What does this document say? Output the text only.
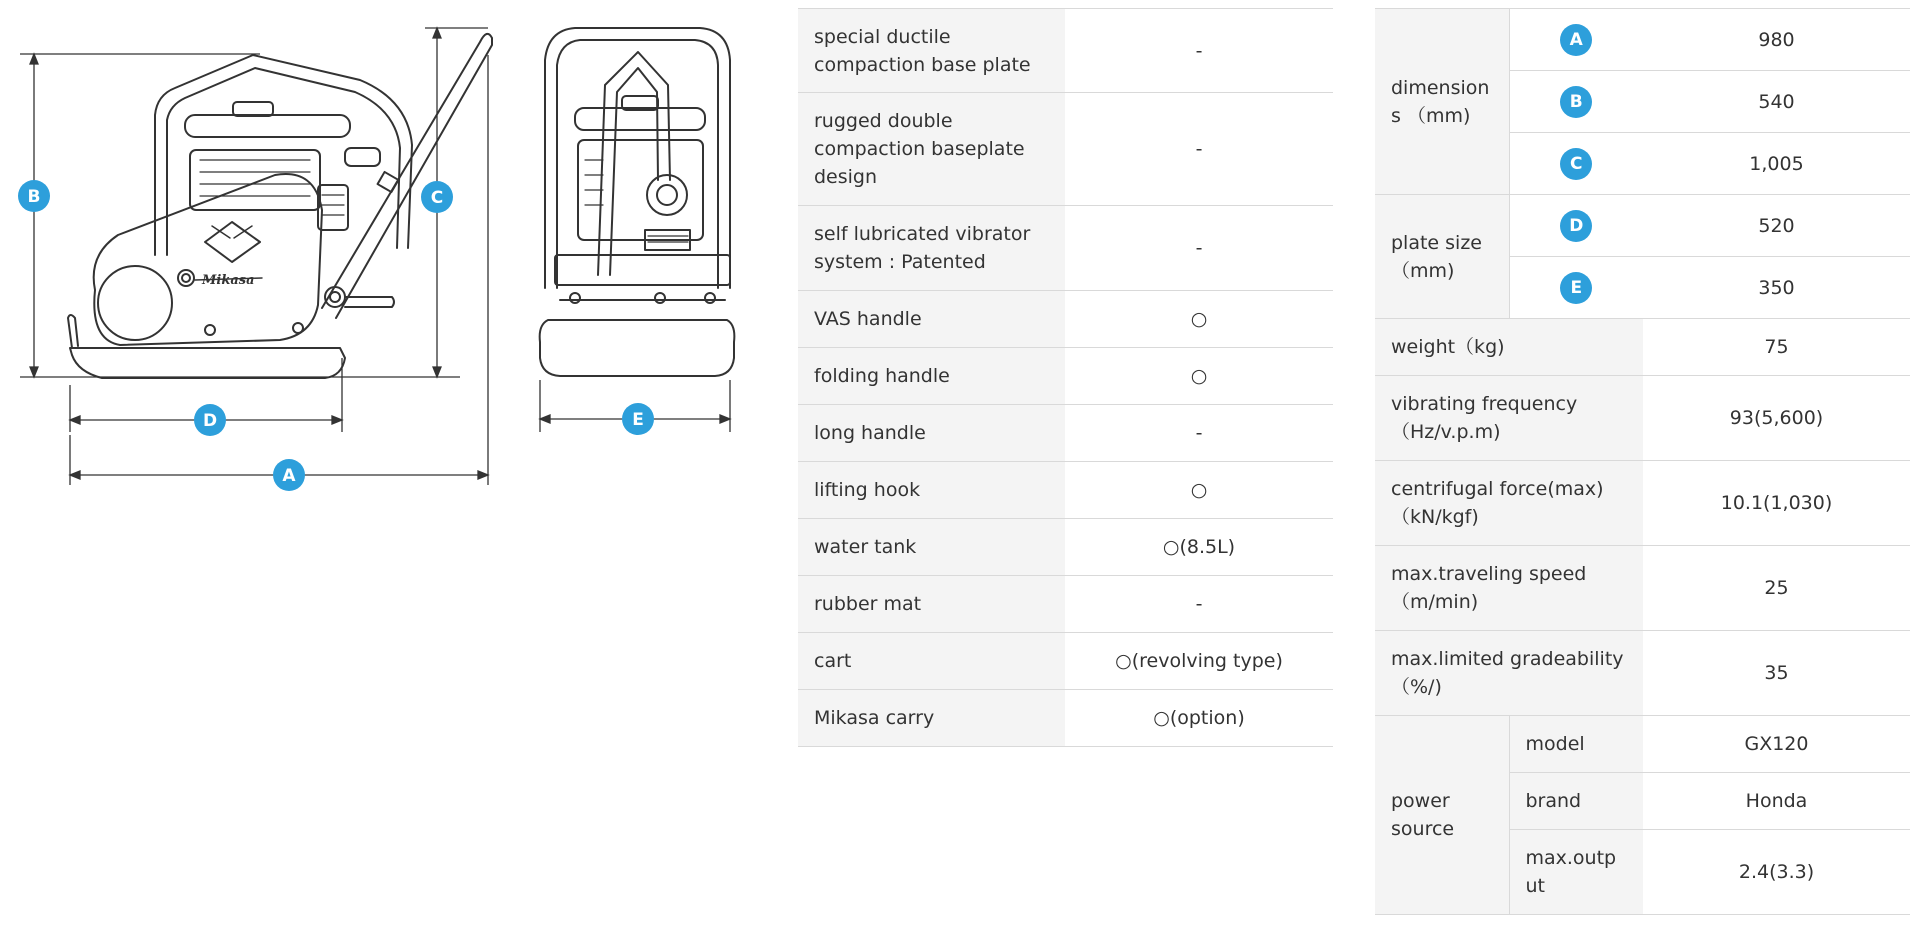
Mikasa
B	C
D
A
E
special ductile compaction base plate	-
rugged double compaction baseplate design	-
self lubricated vibrator system : Patented	-
VAS handle	○
folding handle	○
long handle	-
lifting hook	○
water tank	○(8.5L)
rubber mat	-
cart	○(revolving type)
Mikasa carry	○(option)
dimension s （mm)	A	980
	B	540
	C	1,005
plate size （mm)	D	520
	E	350
weight（kg)		75
vibrating frequency （Hz/v.p.m)		93(5,600)
centrifugal force(max) （kN/kgf)		10.1(1,030)
max.traveling speed （m/min)		25
max.limited gradeability （%/)		35
power source	model	GX120
	brand	Honda
	max.outp ut	2.4(3.3)
